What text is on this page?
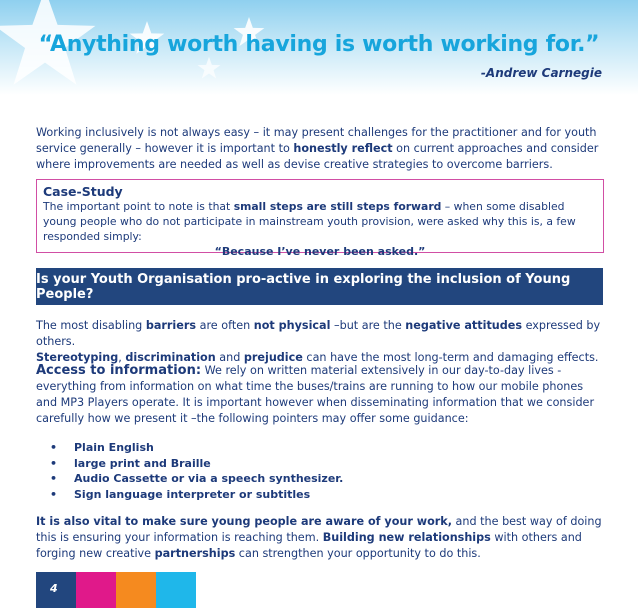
“Anything worth having is worth working for.”
-Andrew Carnegie
Working inclusively is not always easy – it may present challenges for the practitioner and for youth service generally – however it is important to honestly reflect on current approaches and consider where improvements are needed as well as devise creative strategies to overcome barriers.
Case-Study
The important point to note is that small steps are still steps forward – when some disabled young people who do not participate in mainstream youth provision, were asked why this is, a few responded simply:
“Because I’ve never been asked.”
Is your Youth Organisation pro-active in exploring the inclusion of Young People?
The most disabling barriers are often not physical –but are the negative attitudes expressed by others.
Stereotyping, discrimination and prejudice can have the most long-term and damaging effects.
Access to information: We rely on written material extensively in our day-to-day lives - everything from information on what time the buses/trains are running to how our mobile phones and MP3 Players operate. It is important however when disseminating information that we consider carefully how we present it –the following pointers may offer some guidance:
• Plain English
• large print and Braille
• Audio Cassette or via a speech synthesizer.
• Sign language interpreter or subtitles
It is also vital to make sure young people are aware of your work, and the best way of doing this is ensuring your information is reaching them. Building new relationships with others and forging new creative partnerships can strengthen your opportunity to do this.
4
